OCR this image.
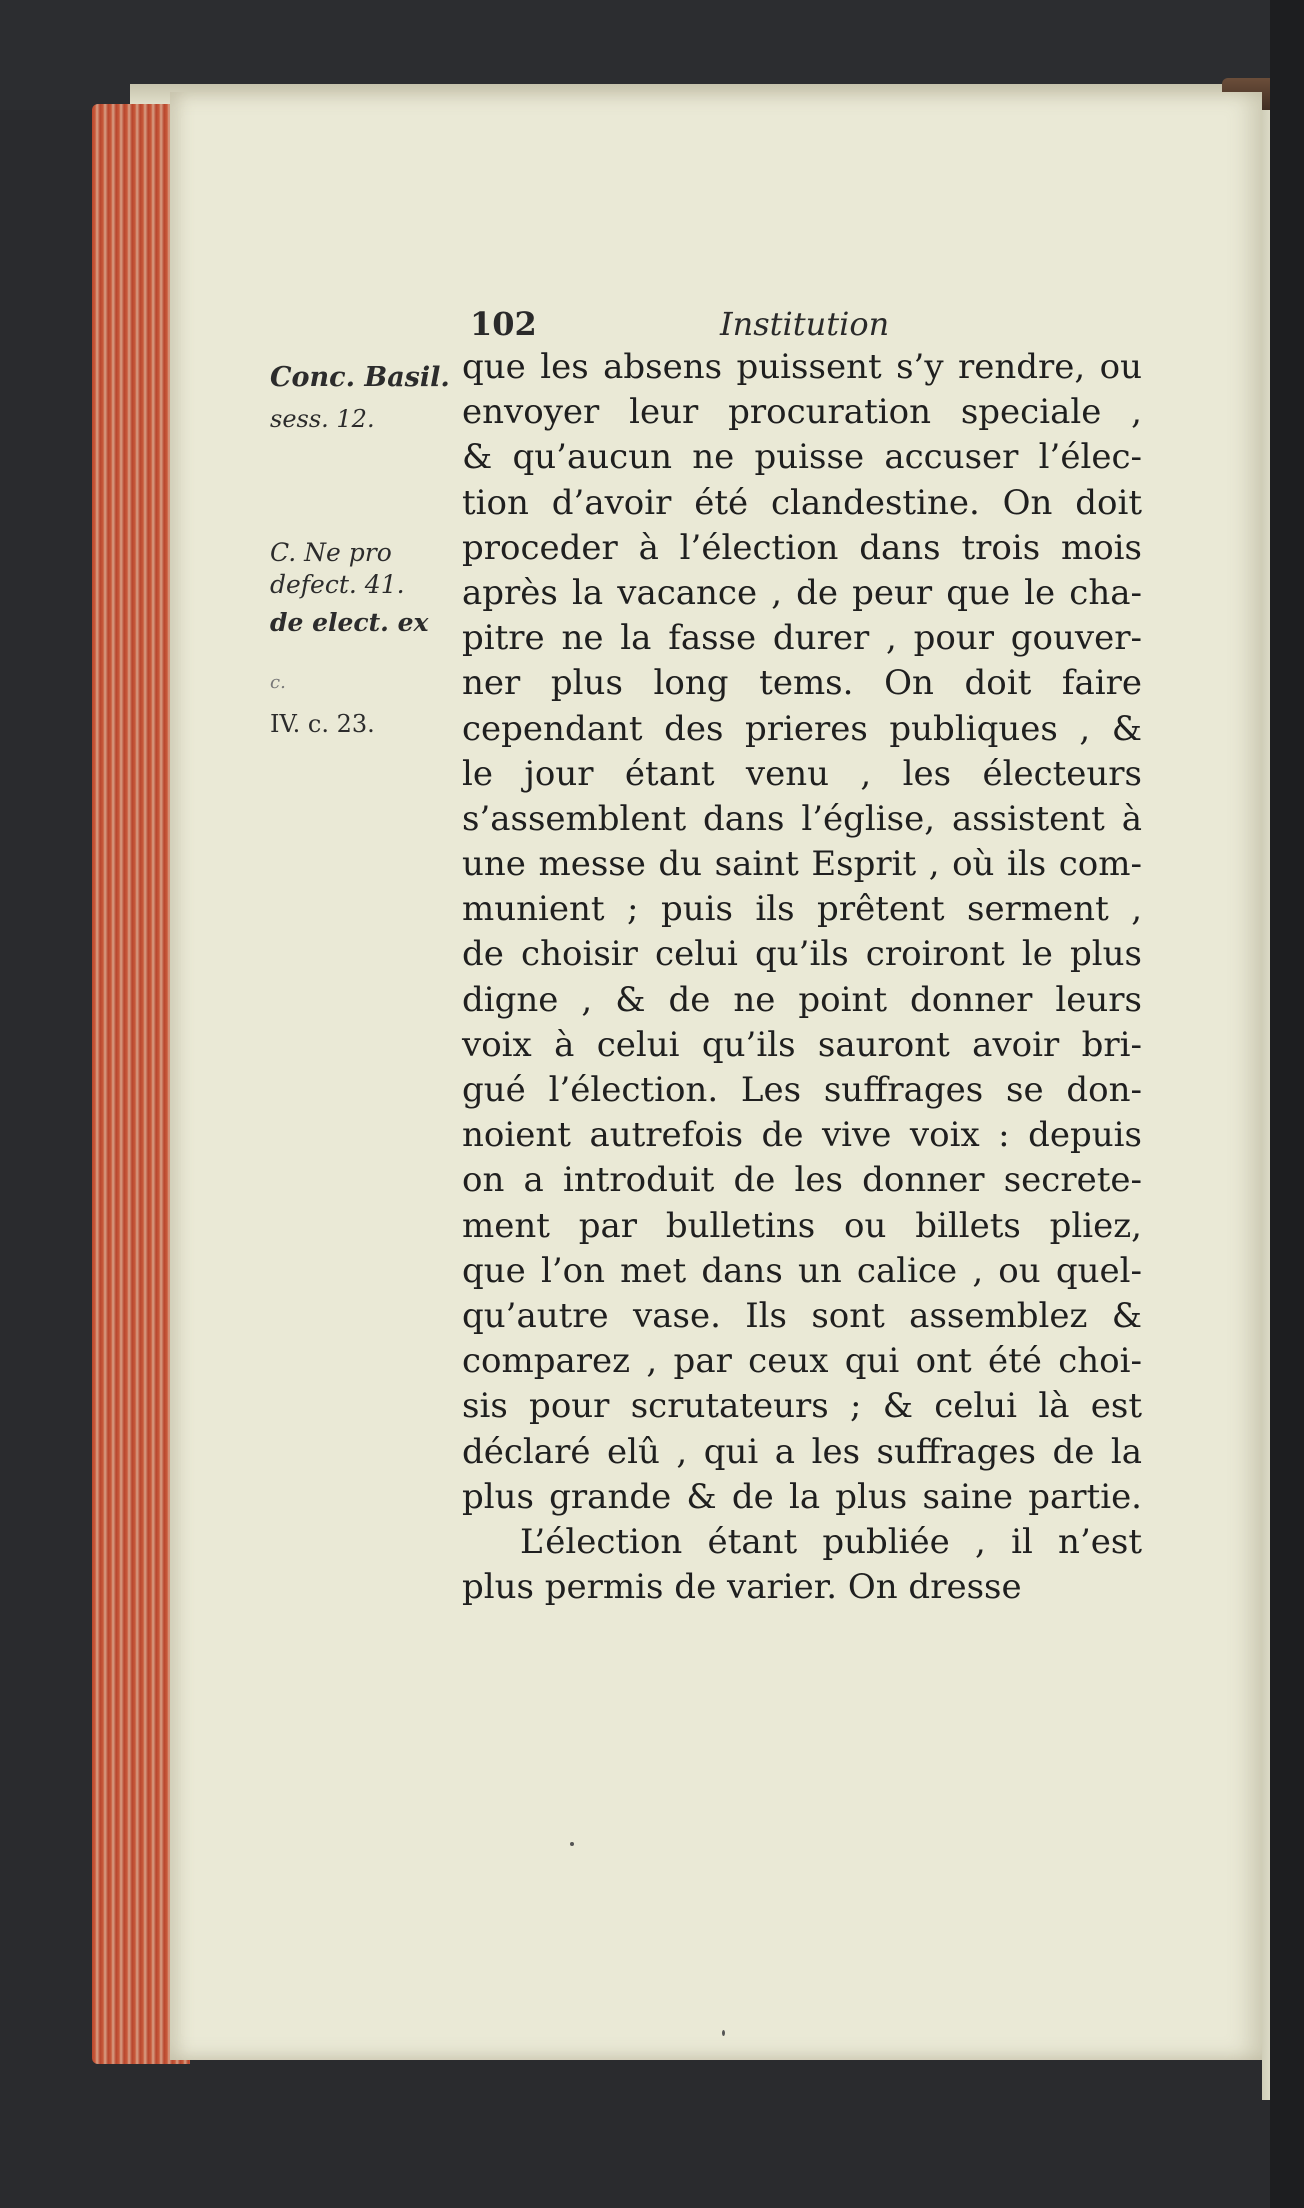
102	Institution
Conc. Basil.
sess. 12.
C. Ne pro
defect. 41.
de elect. ex
c.
IV. c. 23.
que les absens puissent s’y rendre, ou
envoyer leur procuration speciale ,
& qu’aucun ne puisse accuser l’élec-
tion d’avoir été clandestine. On doit
proceder à l’élection dans trois mois
après la vacance , de peur que le cha-
pitre ne la fasse durer , pour gouver-
ner plus long tems. On doit faire
cependant des prieres publiques , &
le jour étant venu , les électeurs
s’assemblent dans l’église, assistent à
une messe du saint Esprit , où ils com-
munient ; puis ils prêtent serment ,
de choisir celui qu’ils croiront le plus
digne , & de ne point donner leurs
voix à celui qu’ils sauront avoir bri-
gué l’élection. Les suffrages se don-
noient autrefois de vive voix : depuis
on a introduit de les donner secrete-
ment par bulletins ou billets pliez,
que l’on met dans un calice , ou quel-
qu’autre vase. Ils sont assemblez &
comparez , par ceux qui ont été choi-
sis pour scrutateurs ; & celui là est
déclaré elû , qui a les suffrages de la
plus grande & de la plus saine partie.
L’élection étant publiée , il n’est
plus permis de varier. On dresse
